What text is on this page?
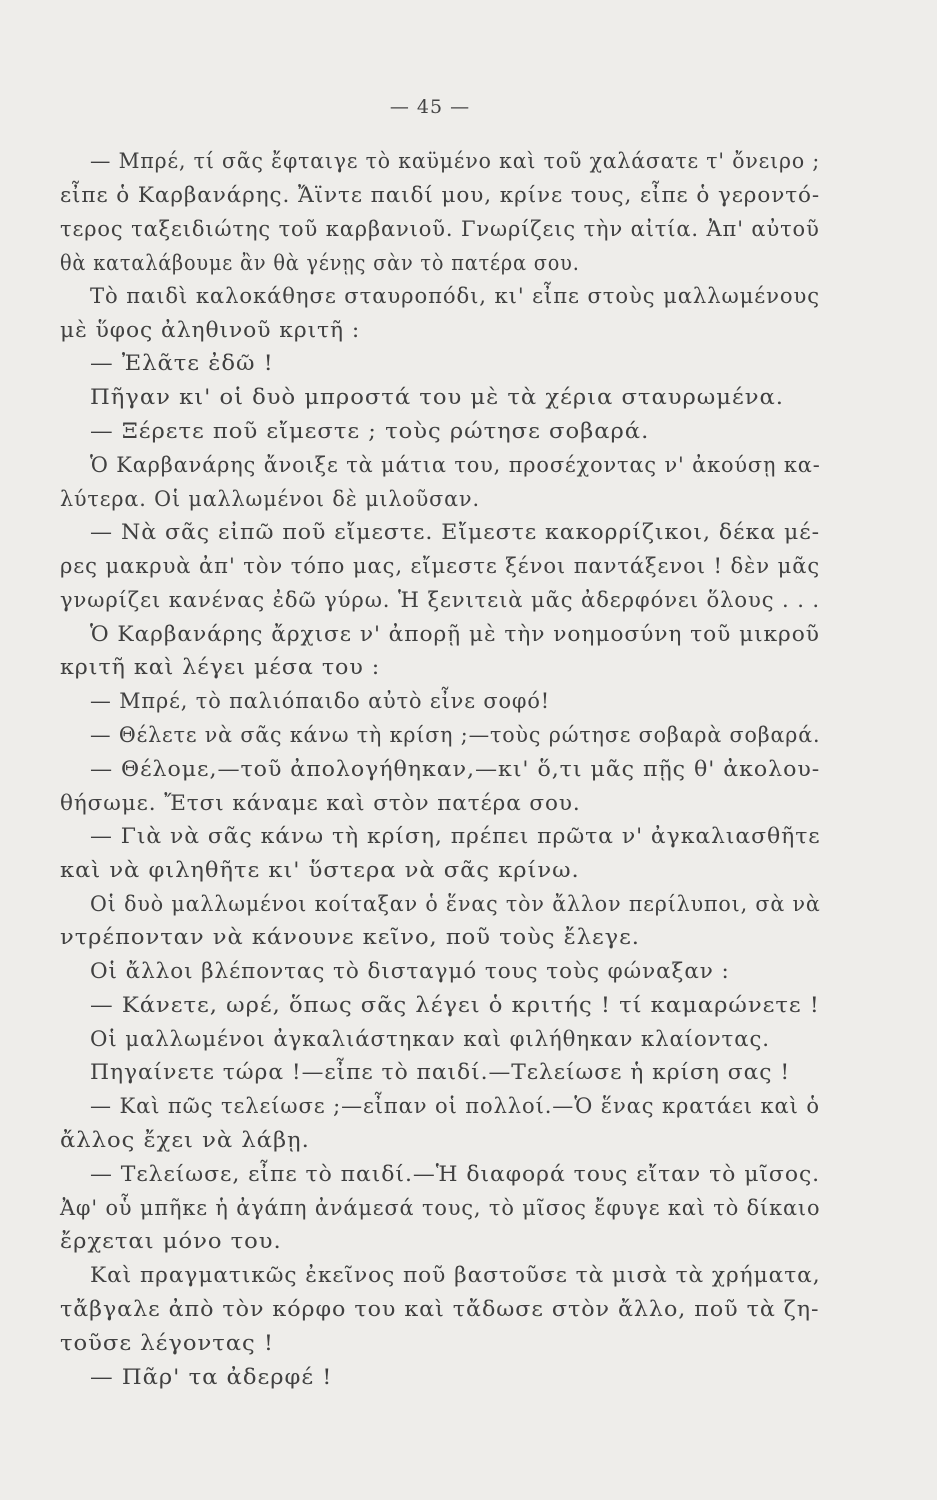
— 45 —
— Μπρέ, τί σᾶς ἔφταιγε τὸ καϋμένο καὶ τοῦ χαλάσατε τ' ὄνειρο ;
εἶπε ὁ Καρβανάρης. Ἄϊντε παιδί μου, κρίνε τους, εἶπε ὁ γεροντό-
τερος ταξειδιώτης τοῦ καρβανιοῦ. Γνωρίζεις τὴν αἰτία. Ἀπ' αὐτοῦ
θὰ καταλάβουμε ἂν θὰ γένῃς σὰν τὸ πατέρα σου.
Τὸ παιδὶ καλοκάθησε σταυροπόδι, κι' εἶπε στοὺς μαλλωμένους
μὲ ὕφος ἀληθινοῦ κριτῆ :
— Ἐλᾶτε ἐδῶ !
Πῆγαν κι' οἱ δυὸ μπροστά του μὲ τὰ χέρια σταυρωμένα.
— Ξέρετε ποῦ εἴμεστε ; τοὺς ρώτησε σοβαρά.
Ὁ Καρβανάρης ἄνοιξε τὰ μάτια του, προσέχοντας ν' ἀκούσῃ κα-
λύτερα. Οἱ μαλλωμένοι δὲ μιλοῦσαν.
— Νὰ σᾶς εἰπῶ ποῦ εἴμεστε. Εἴμεστε κακορρίζικοι, δέκα μέ-
ρες μακρυὰ ἀπ' τὸν τόπο μας, εἴμεστε ξένοι παντάξενοι ! δὲν μᾶς
γνωρίζει κανένας ἐδῶ γύρω. Ἡ ξενιτειὰ μᾶς ἀδερφόνει ὅλους . . .
Ὁ Καρβανάρης ἄρχισε ν' ἀπορῇ μὲ τὴν νοημοσύνη τοῦ μικροῦ
κριτῆ καὶ λέγει μέσα του :
— Μπρέ, τὸ παλιόπαιδο αὐτὸ εἶνε σοφό!
— Θέλετε νὰ σᾶς κάνω τὴ κρίση ;—τοὺς ρώτησε σοβαρὰ σοβαρά.
— Θέλομε,—τοῦ ἀπολογήθηκαν,—κι' ὅ,τι μᾶς πῇς θ' ἀκολου-
θήσωμε. Ἔτσι κάναμε καὶ στὸν πατέρα σου.
— Γιὰ νὰ σᾶς κάνω τὴ κρίση, πρέπει πρῶτα ν' ἀγκαλιασθῆτε
καὶ νὰ φιληθῆτε κι' ὕστερα νὰ σᾶς κρίνω.
Οἱ δυὸ μαλλωμένοι κοίταξαν ὁ ἕνας τὸν ἄλλον περίλυποι, σὰ νὰ
ντρέπονταν νὰ κάνουνε κεῖνο, ποῦ τοὺς ἔλεγε.
Οἱ ἄλλοι βλέποντας τὸ δισταγμό τους τοὺς φώναξαν :
— Κάνετε, ωρέ, ὅπως σᾶς λέγει ὁ κριτής ! τί καμαρώνετε !
Οἱ μαλλωμένοι ἀγκαλιάστηκαν καὶ φιλήθηκαν κλαίοντας.
Πηγαίνετε τώρα !—εἶπε τὸ παιδί.—Τελείωσε ἡ κρίση σας !
— Καὶ πῶς τελείωσε ;—εἶπαν οἱ πολλοί.—Ὁ ἕνας κρατάει καὶ ὁ
ἄλλος ἔχει νὰ λάβῃ.
— Τελείωσε, εἶπε τὸ παιδί.—Ἡ διαφορά τους εἴταν τὸ μῖσος.
Ἀφ' οὗ μπῆκε ἡ ἀγάπη ἀνάμεσά τους, τὸ μῖσος ἔφυγε καὶ τὸ δίκαιο
ἔρχεται μόνο του.
Καὶ πραγματικῶς ἐκεῖνος ποῦ βαστοῦσε τὰ μισὰ τὰ χρήματα,
τἄβγαλε ἀπὸ τὸν κόρφο του καὶ τἄδωσε στὸν ἄλλο, ποῦ τὰ ζη-
τοῦσε λέγοντας !
— Πᾶρ' τα ἀδερφέ !
